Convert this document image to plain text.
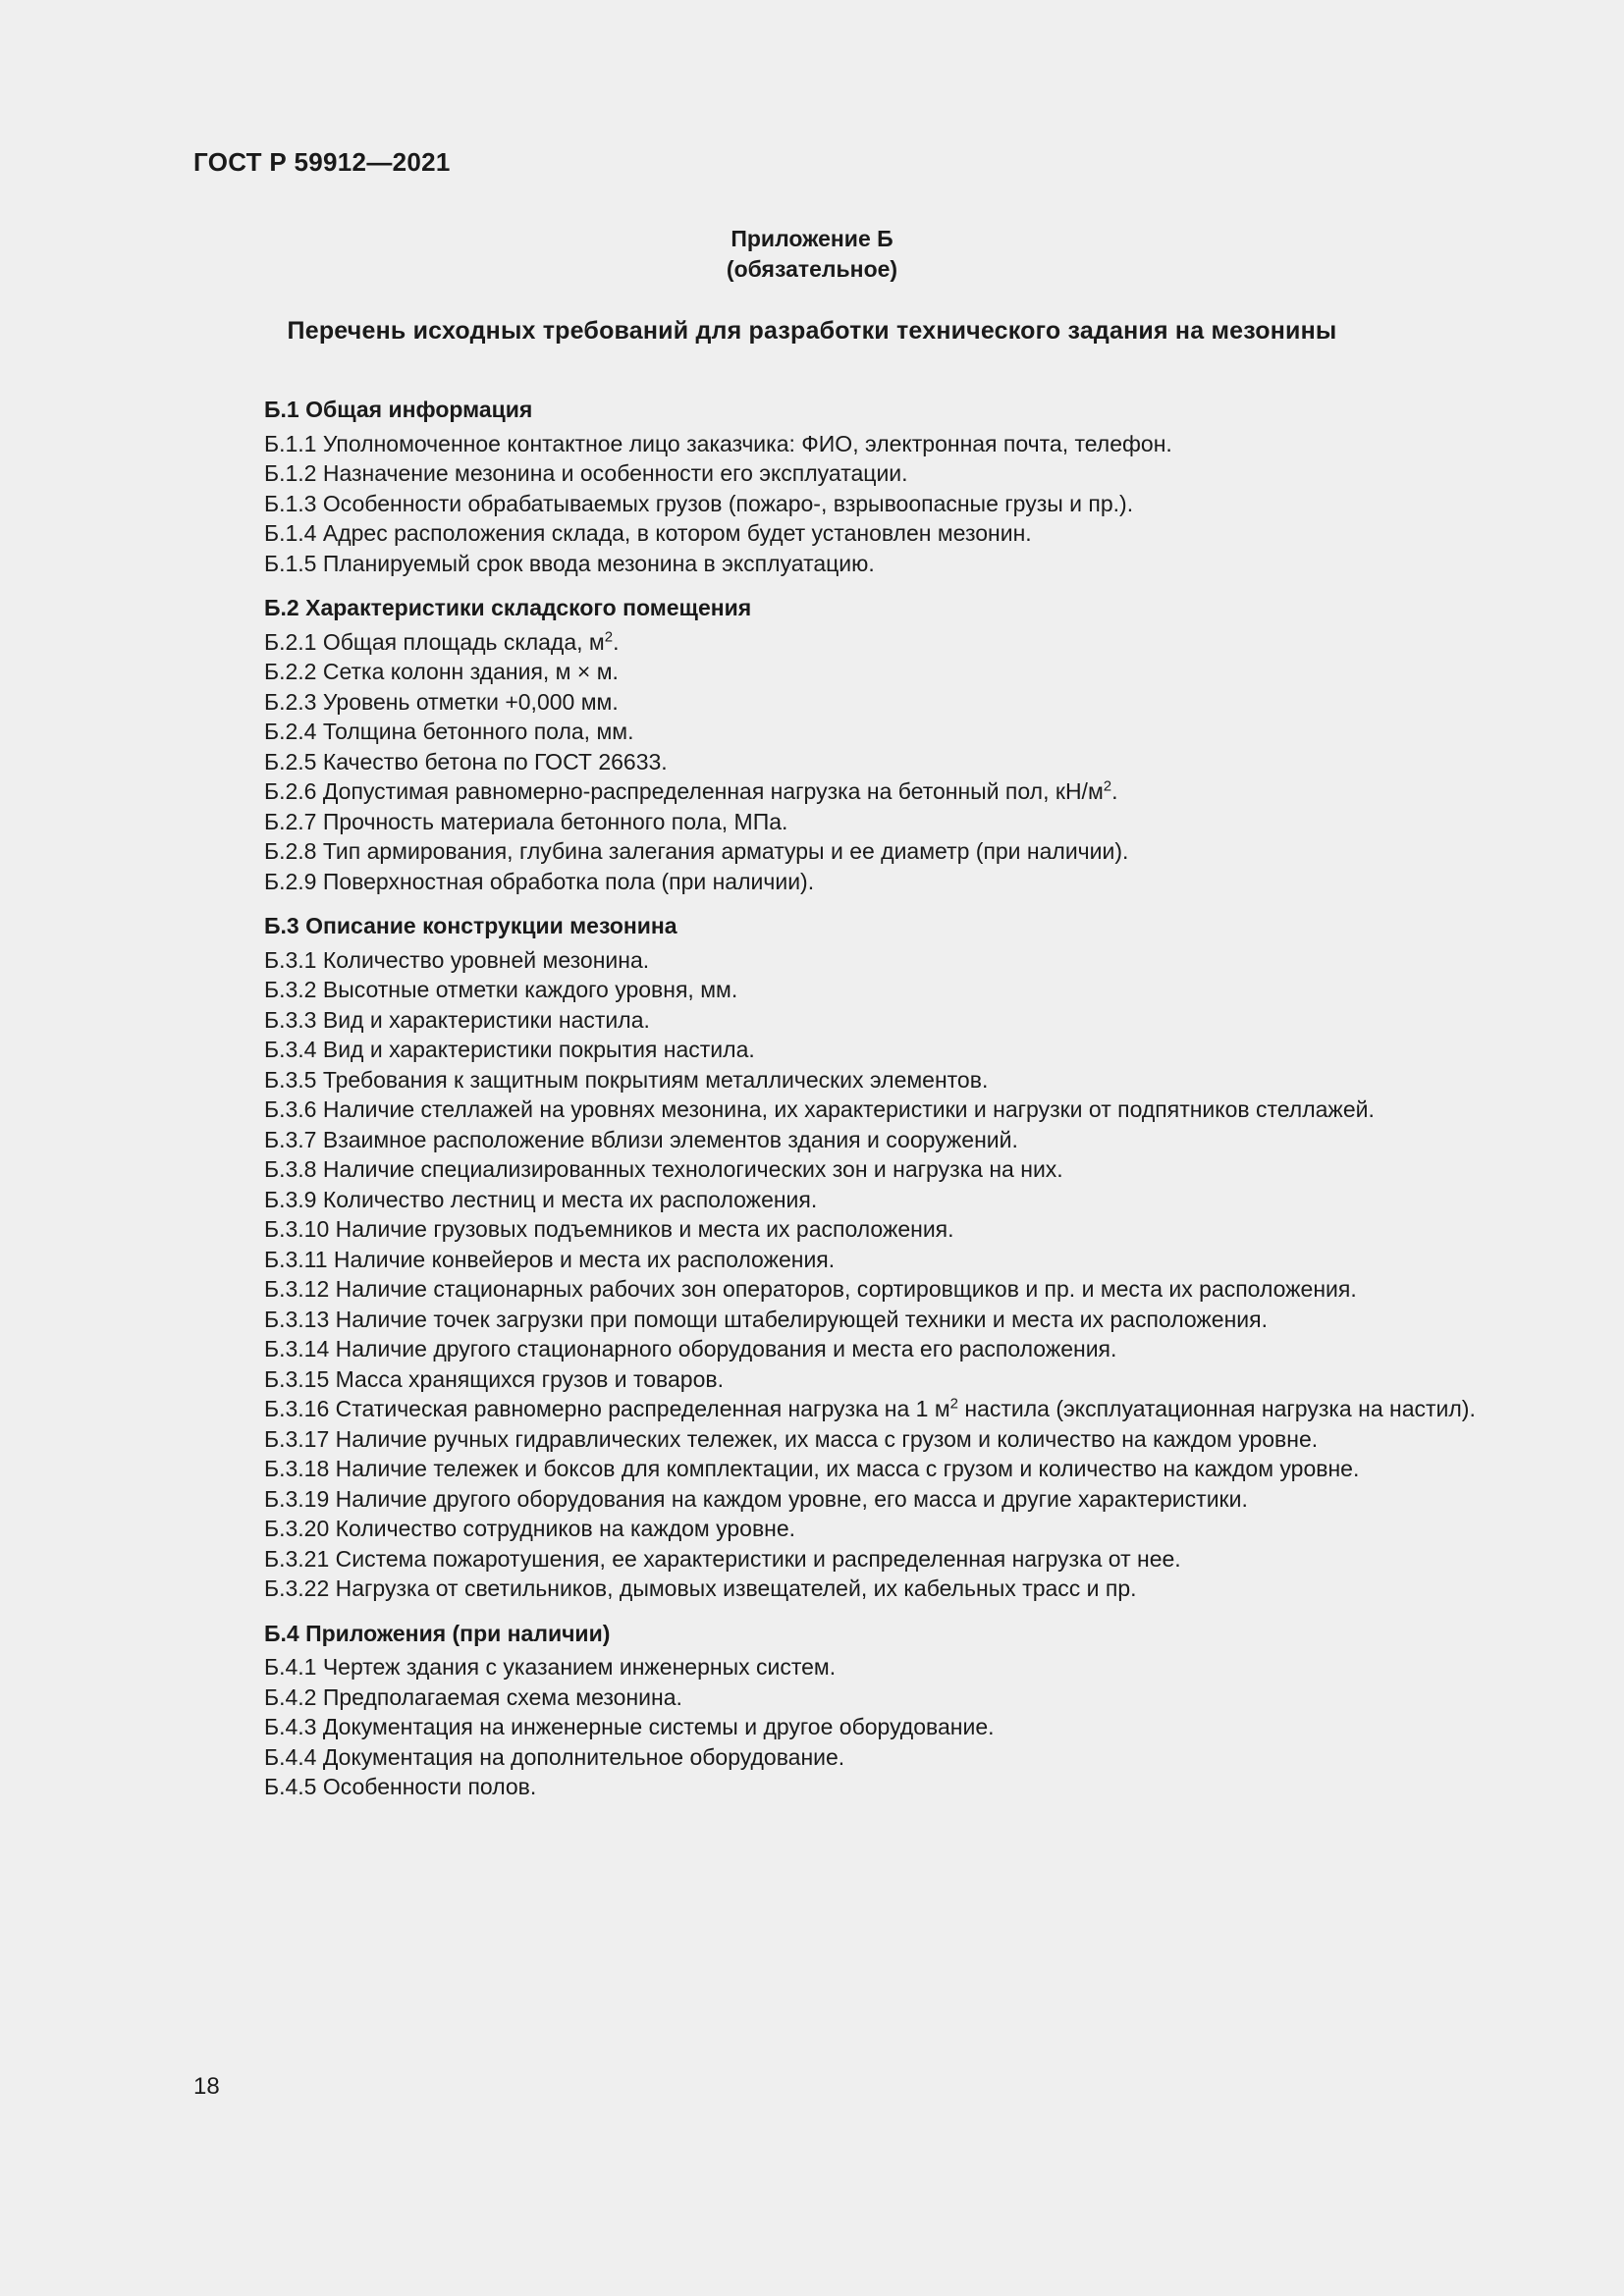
ГОСТ Р 59912—2021
Приложение Б
(обязательное)
Перечень исходных требований для разработки технического задания на мезонины
Б.1 Общая информация
Б.1.1 Уполномоченное контактное лицо заказчика: ФИО, электронная почта, телефон.
Б.1.2 Назначение мезонина и особенности его эксплуатации.
Б.1.3 Особенности обрабатываемых грузов (пожаро-, взрывоопасные грузы и пр.).
Б.1.4 Адрес расположения склада, в котором будет установлен мезонин.
Б.1.5 Планируемый срок ввода мезонина в эксплуатацию.
Б.2 Характеристики складского помещения
Б.2.1 Общая площадь склада, $м^2$.
Б.2.2 Сетка колонн здания, м × м.
Б.2.3 Уровень отметки +0,000 мм.
Б.2.4 Толщина бетонного пола, мм.
Б.2.5 Качество бетона по ГОСТ 26633.
Б.2.6 Допустимая равномерно-распределенная нагрузка на бетонный пол, $кН/м^2$.
Б.2.7 Прочность материала бетонного пола, МПа.
Б.2.8 Тип армирования, глубина залегания арматуры и ее диаметр (при наличии).
Б.2.9 Поверхностная обработка пола (при наличии).
Б.3 Описание конструкции мезонина
Б.3.1 Количество уровней мезонина.
Б.3.2 Высотные отметки каждого уровня, мм.
Б.3.3 Вид и характеристики настила.
Б.3.4 Вид и характеристики покрытия настила.
Б.3.5 Требования к защитным покрытиям металлических элементов.
Б.3.6 Наличие стеллажей на уровнях мезонина, их характеристики и нагрузки от подпятников стеллажей.
Б.3.7 Взаимное расположение вблизи элементов здания и сооружений.
Б.3.8 Наличие специализированных технологических зон и нагрузка на них.
Б.3.9 Количество лестниц и места их расположения.
Б.3.10 Наличие грузовых подъемников и места их расположения.
Б.3.11 Наличие конвейеров и места их расположения.
Б.3.12 Наличие стационарных рабочих зон операторов, сортировщиков и пр. и места их расположения.
Б.3.13 Наличие точек загрузки при помощи штабелирующей техники и места их расположения.
Б.3.14 Наличие другого стационарного оборудования и места его расположения.
Б.3.15 Масса хранящихся грузов и товаров.
Б.3.16 Статическая равномерно распределенная нагрузка на 1 $м^2$ настила (эксплуатационная нагрузка на настил).
Б.3.17 Наличие ручных гидравлических тележек, их масса с грузом и количество на каждом уровне.
Б.3.18 Наличие тележек и боксов для комплектации, их масса с грузом и количество на каждом уровне.
Б.3.19 Наличие другого оборудования на каждом уровне, его масса и другие характеристики.
Б.3.20 Количество сотрудников на каждом уровне.
Б.3.21 Система пожаротушения, ее характеристики и распределенная нагрузка от нее.
Б.3.22 Нагрузка от светильников, дымовых извещателей, их кабельных трасс и пр.
Б.4 Приложения (при наличии)
Б.4.1 Чертеж здания с указанием инженерных систем.
Б.4.2 Предполагаемая схема мезонина.
Б.4.3 Документация на инженерные системы и другое оборудование.
Б.4.4 Документация на дополнительное оборудование.
Б.4.5 Особенности полов.
18
